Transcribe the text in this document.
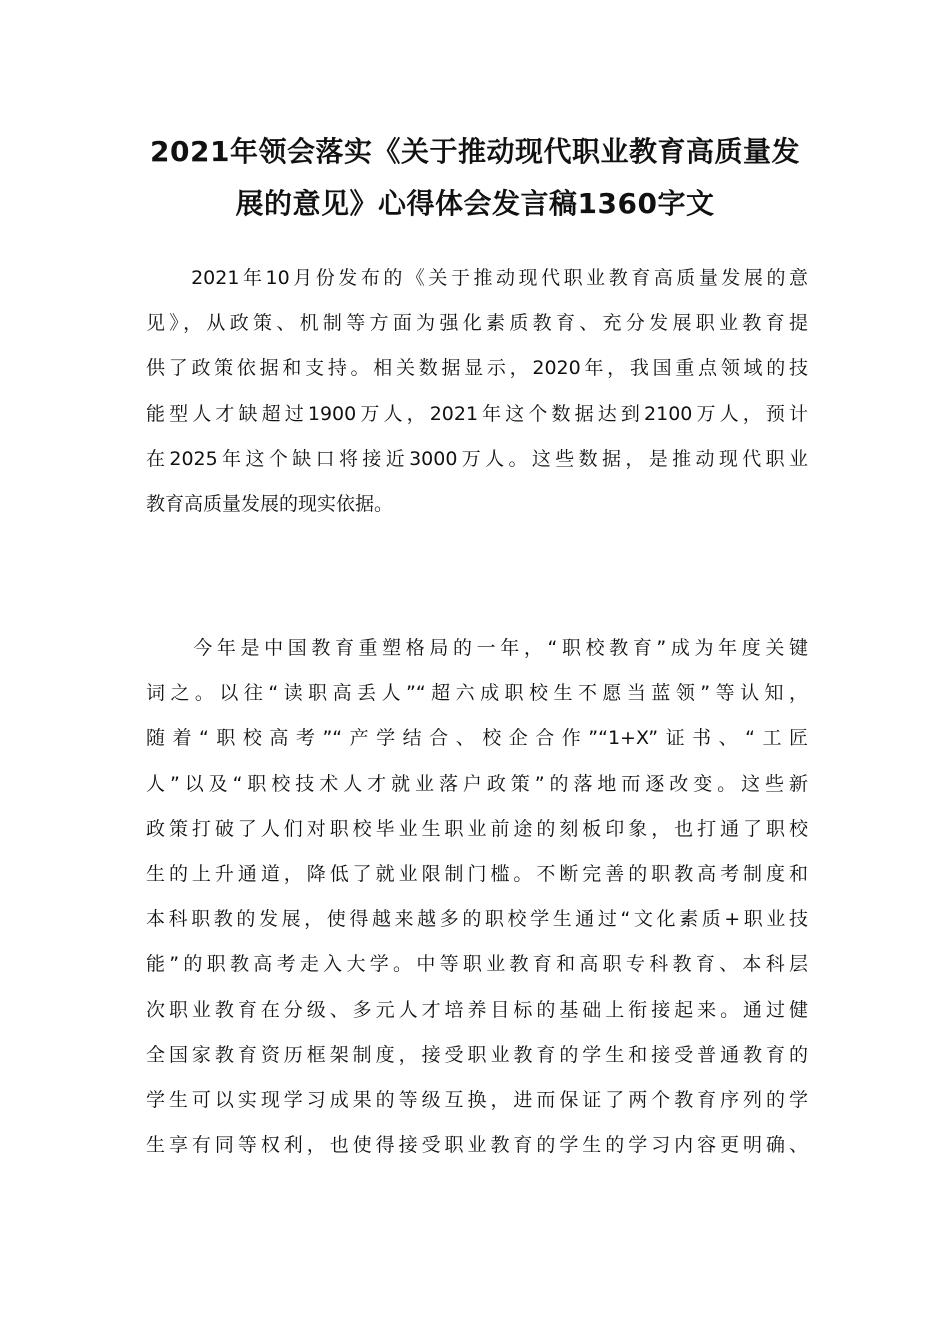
2021年领会落实《关于推动现代职业教育高质量发
展的意见》心得体会发言稿1360字文
　　2021年10月份发布的《关于推动现代职业教育高质量发展的意
见》，从政策、机制等方面为强化素质教育、充分发展职业教育提
供了政策依据和支持。相关数据显示，2020年，我国重点领域的技
能型人才缺超过1900万人，2021年这个数据达到2100万人，预计
在2025年这个缺口将接近3000万人。这些数据，是推动现代职业
教育高质量发展的现实依据。
　　今年是中国教育重塑格局的一年，“职校教育”成为年度关键
词之。以往“读职高丢人”“超六成职校生不愿当蓝领”等认知，
随着“职校高考”“产学结合、校企合作”“1+X”证书、“工匠
人”以及“职校技术人才就业落户政策”的落地而逐改变。这些新
政策打破了人们对职校毕业生职业前途的刻板印象，也打通了职校
生的上升通道，降低了就业限制门槛。不断完善的职教高考制度和
本科职教的发展，使得越来越多的职校学生通过“文化素质+职业技
能”的职教高考走入大学。中等职业教育和高职专科教育、本科层
次职业教育在分级、多元人才培养目标的基础上衔接起来。通过健
全国家教育资历框架制度，接受职业教育的学生和接受普通教育的
学生可以实现学习成果的等级互换，进而保证了两个教育序列的学
生享有同等权利，也使得接受职业教育的学生的学习内容更明确、
